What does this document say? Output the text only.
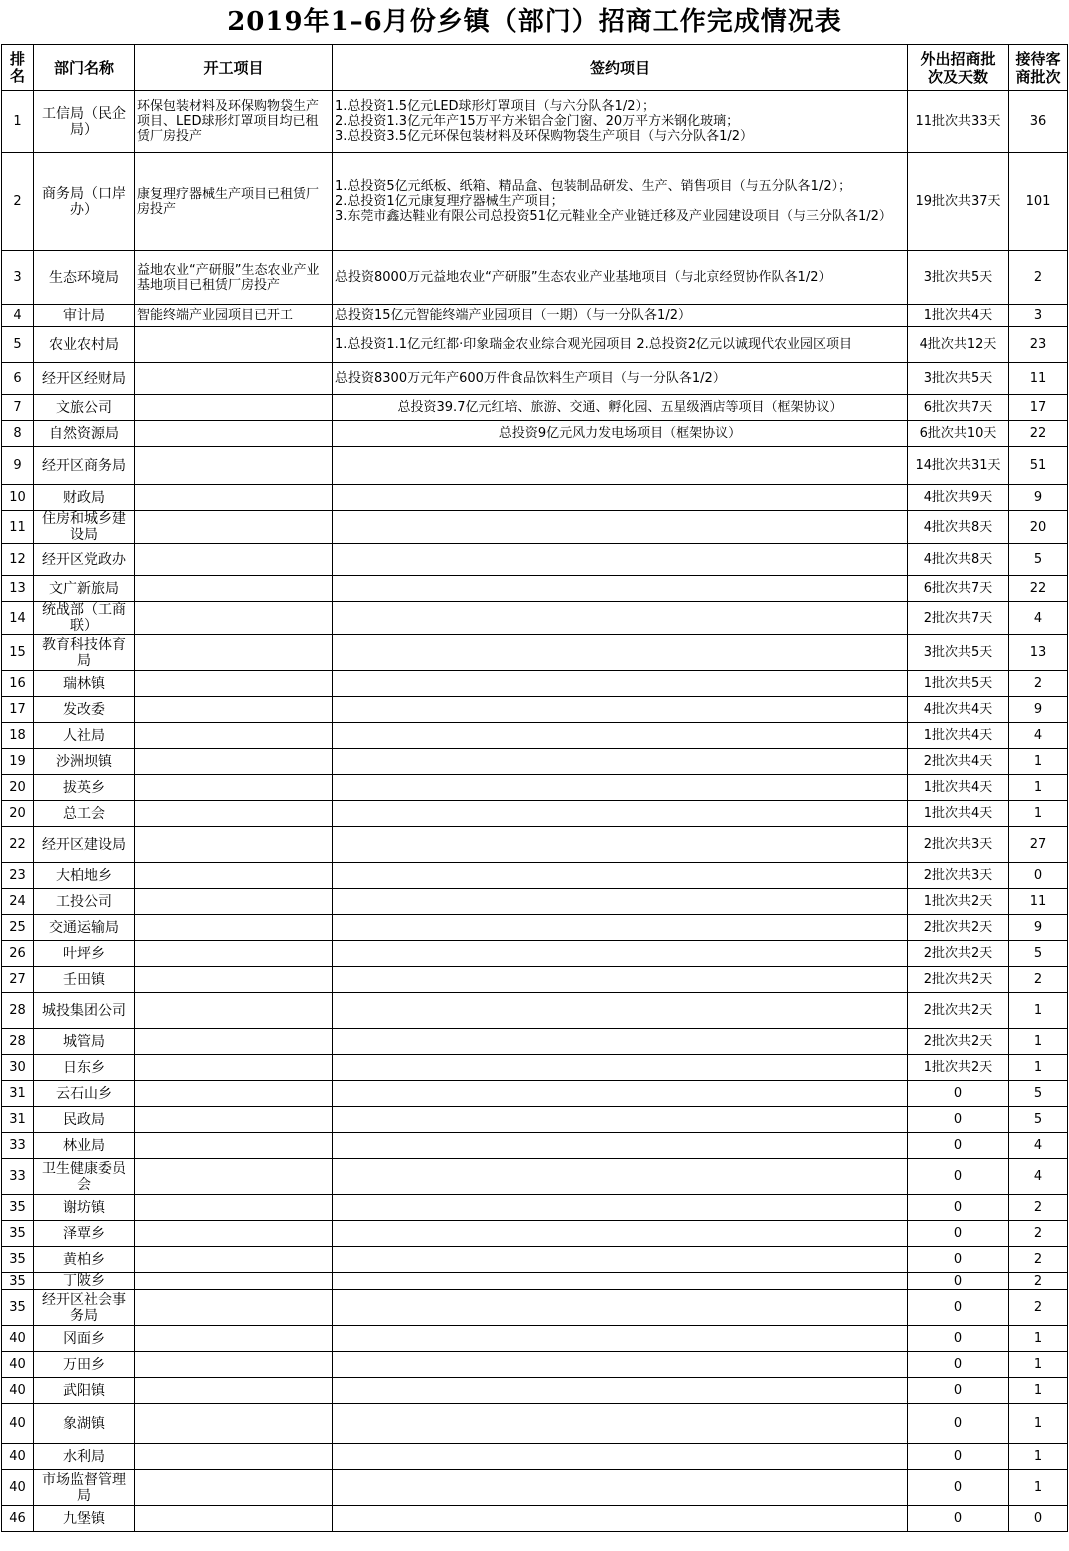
2019年1–6月份乡镇（部门）招商工作完成情况表
排名	部门名称	开工项目	签约项目	外出招商批次及天数	接待客商批次
1	工信局（民企局）	环保包装材料及环保购物袋生产项目、LED球形灯罩项目均已租赁厂房投产	1.总投资1.5亿元LED球形灯罩项目（与六分队各1/2）；
2.总投资1.3亿元年产15万平方米铝合金门窗、20万平方米钢化玻璃；
3.总投资3.5亿元环保包装材料及环保购物袋生产项目（与六分队各1/2）	11批次共33天	36
2	商务局（口岸办）	康复理疗器械生产项目已租赁厂房投产	1.总投资5亿元纸板、纸箱、精品盒、包装制品研发、生产、销售项目（与五分队各1/2）；
2.总投资1亿元康复理疗器械生产项目；
3.东莞市鑫达鞋业有限公司总投资51亿元鞋业全产业链迁移及产业园建设项目（与三分队各1/2）	19批次共37天	101
3	生态环境局	益地农业“产研服”生态农业产业基地项目已租赁厂房投产	总投资8000万元益地农业“产研服”生态农业产业基地项目（与北京经贸协作队各1/2）	3批次共5天	2
4	审计局	智能终端产业园项目已开工	总投资15亿元智能终端产业园项目（一期）（与一分队各1/2）	1批次共4天	3
5	农业农村局		1.总投资1.1亿元红都·印象瑞金农业综合观光园项目 2.总投资2亿元以诚现代农业园区项目	4批次共12天	23
6	经开区经财局		总投资8300万元年产600万件食品饮料生产项目（与一分队各1/2）	3批次共5天	11
7	文旅公司		总投资39.7亿元红培、旅游、交通、孵化园、五星级酒店等项目（框架协议）	6批次共7天	17
8	自然资源局		总投资9亿元风力发电场项目（框架协议）	6批次共10天	22
9	经开区商务局			14批次共31天	51
10	财政局			4批次共9天	9
11	住房和城乡建设局			4批次共8天	20
12	经开区党政办			4批次共8天	5
13	文广新旅局			6批次共7天	22
14	统战部（工商联）			2批次共7天	4
15	教育科技体育局			3批次共5天	13
16	瑞林镇			1批次共5天	2
17	发改委			4批次共4天	9
18	人社局			1批次共4天	4
19	沙洲坝镇			2批次共4天	1
20	拔英乡			1批次共4天	1
20	总工会			1批次共4天	1
22	经开区建设局			2批次共3天	27
23	大柏地乡			2批次共3天	0
24	工投公司			1批次共2天	11
25	交通运输局			2批次共2天	9
26	叶坪乡			2批次共2天	5
27	壬田镇			2批次共2天	2
28	城投集团公司			2批次共2天	1
28	城管局			2批次共2天	1
30	日东乡			1批次共2天	1
31	云石山乡			0	5
31	民政局			0	5
33	林业局			0	4
33	卫生健康委员会			0	4
35	谢坊镇			0	2
35	泽覃乡			0	2
35	黄柏乡			0	2
35	丁陂乡			0	2
35	经开区社会事务局			0	2
40	冈面乡			0	1
40	万田乡			0	1
40	武阳镇			0	1
40	象湖镇			0	1
40	水利局			0	1
40	市场监督管理局			0	1
46	九堡镇			0	0
